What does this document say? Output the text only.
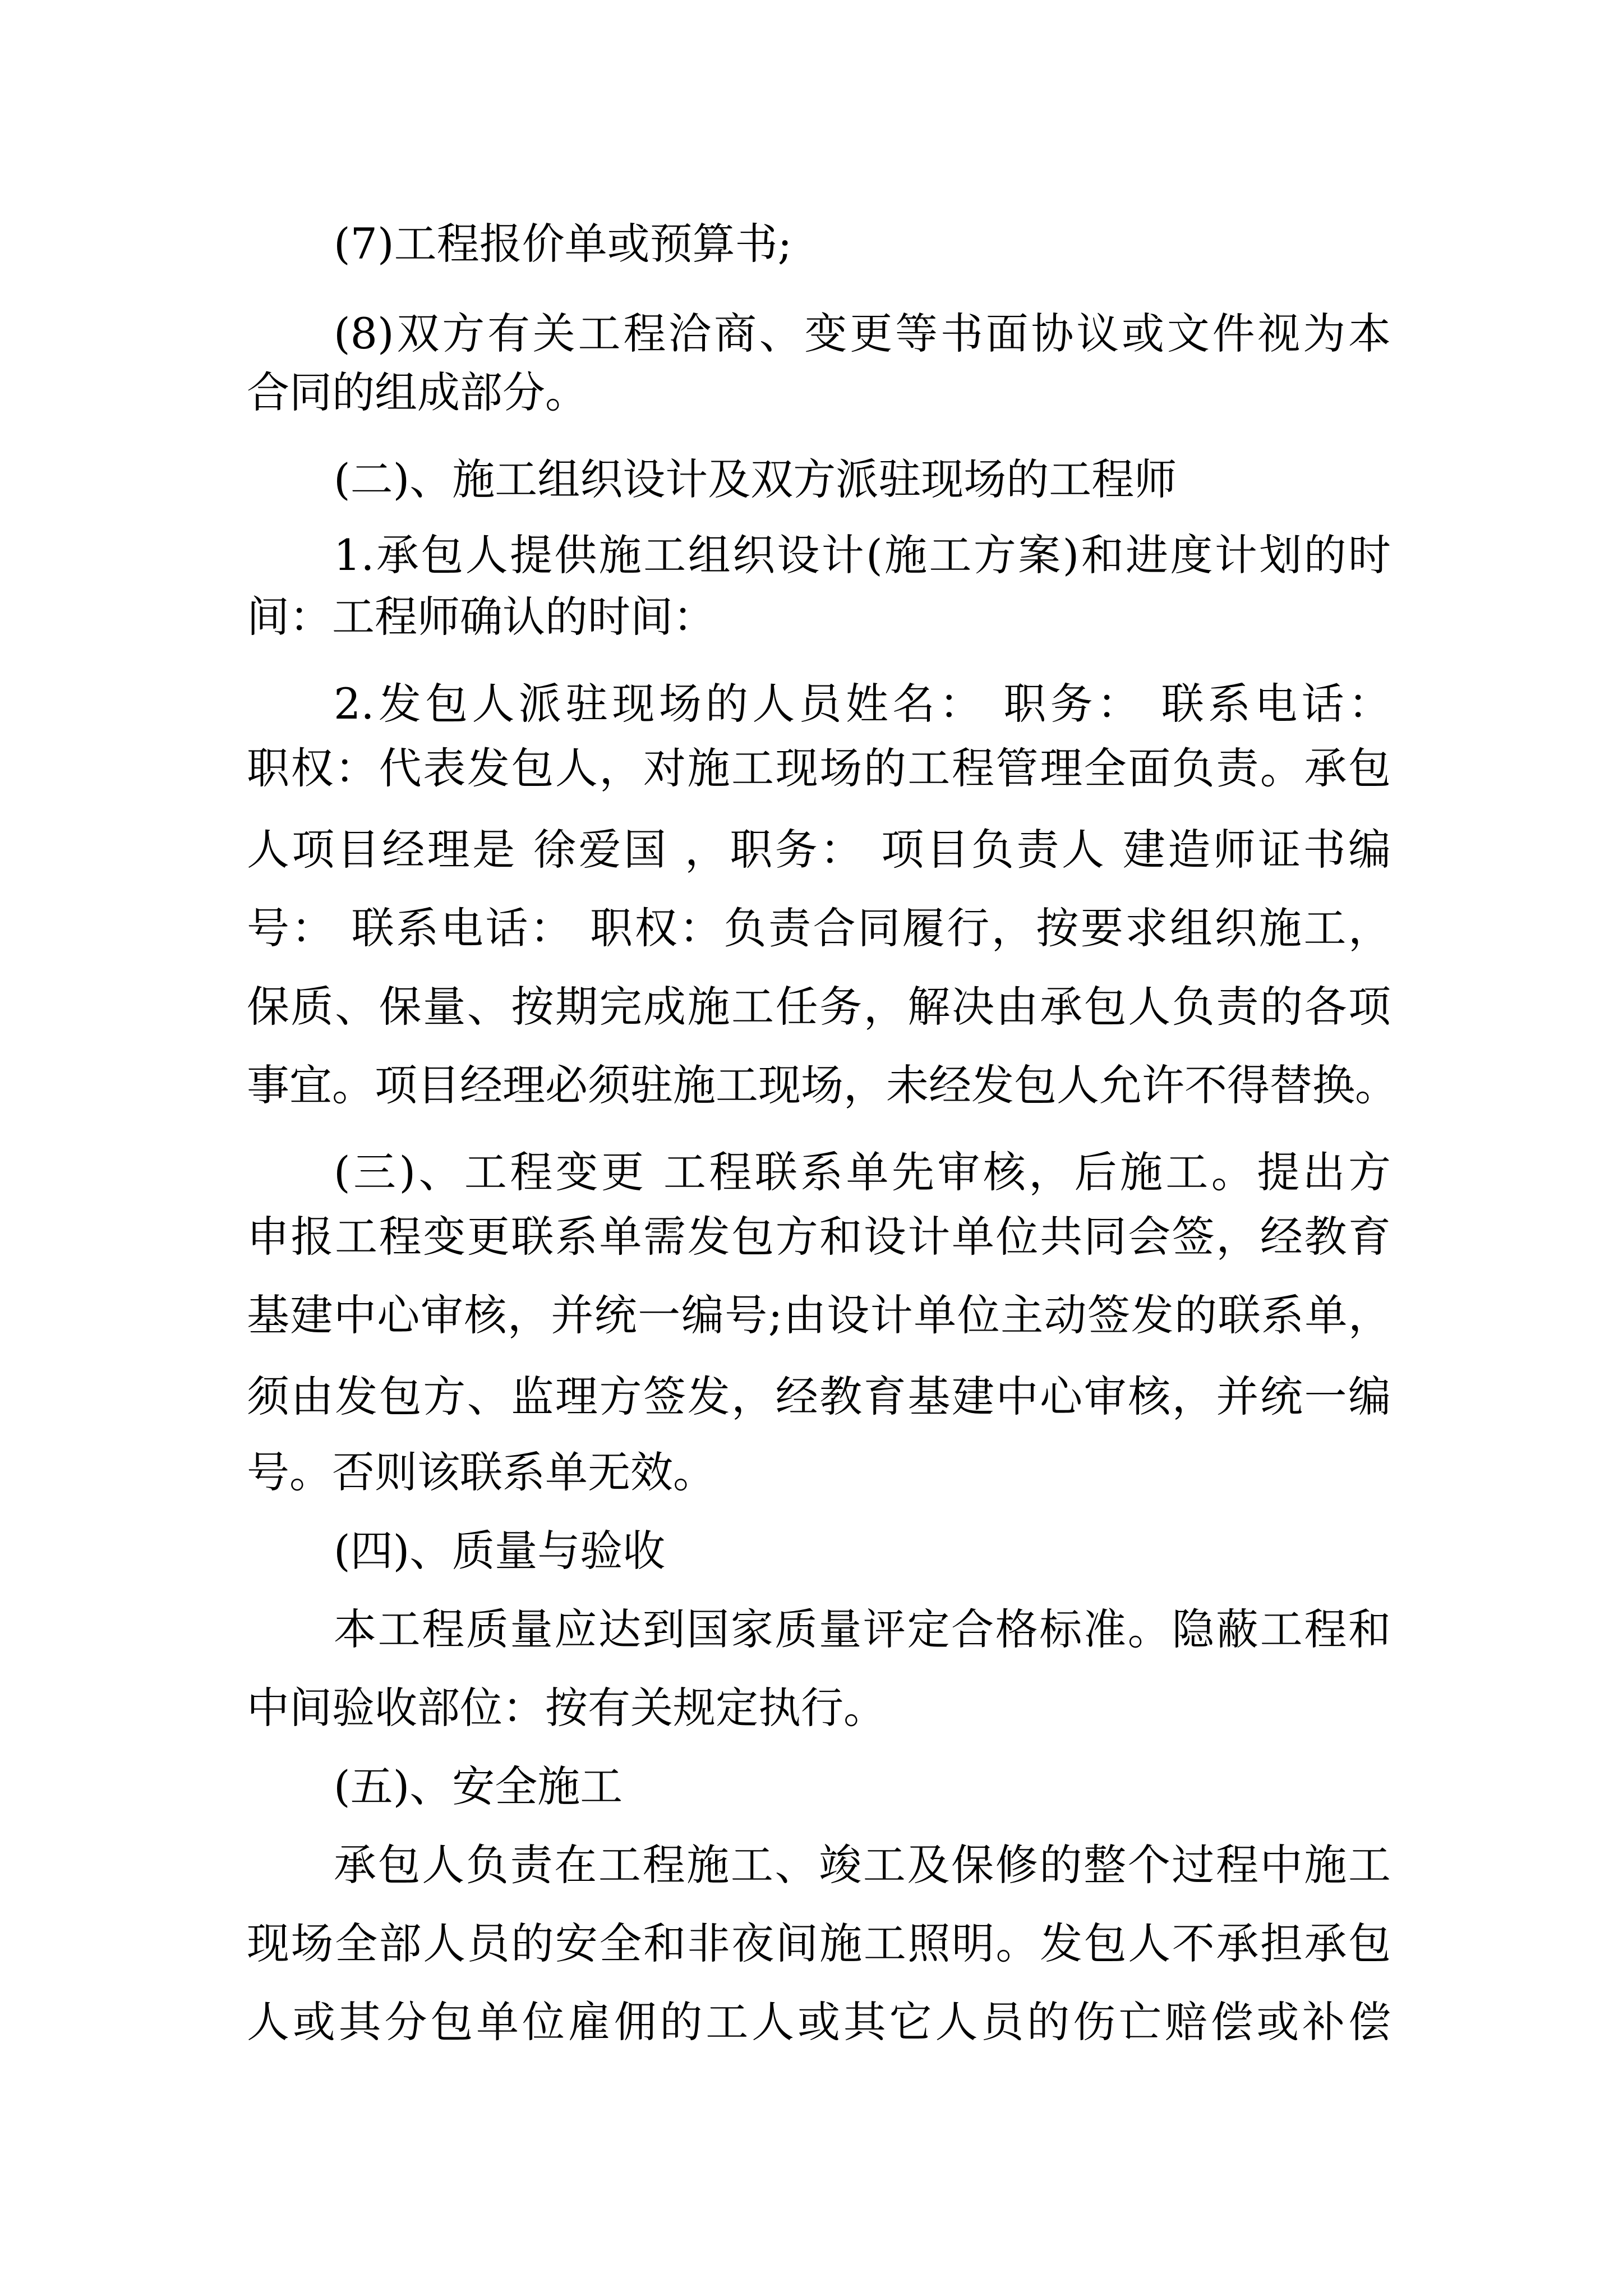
(7)工程报价单或预算书;
(8)双方有关工程洽商、变更等书面协议或文件视为本
合同的组成部分。
(二)、施工组织设计及双方派驻现场的工程师
1.承包人提供施工组织设计(施工方案)和进度计划的时
间：工程师确认的时间：
2.发包人派驻现场的人员姓名： 职务： 联系电话：
职权：代表发包人，对施工现场的工程管理全面负责。承包
人项目经理是 徐爱国 ，职务： 项目负责人 建造师证书编
号： 联系电话： 职权：负责合同履行，按要求组织施工，
保质、保量、按期完成施工任务，解决由承包人负责的各项
事宜。项目经理必须驻施工现场，未经发包人允许不得替换。
(三)、工程变更 工程联系单先审核，后施工。提出方
申报工程变更联系单需发包方和设计单位共同会签，经教育
基建中心审核，并统一编号;由设计单位主动签发的联系单，
须由发包方、监理方签发，经教育基建中心审核，并统一编
号。否则该联系单无效。
(四)、质量与验收
本工程质量应达到国家质量评定合格标准。隐蔽工程和
中间验收部位：按有关规定执行。
(五)、安全施工
承包人负责在工程施工、竣工及保修的整个过程中施工
现场全部人员的安全和非夜间施工照明。发包人不承担承包
人或其分包单位雇佣的工人或其它人员的伤亡赔偿或补偿
